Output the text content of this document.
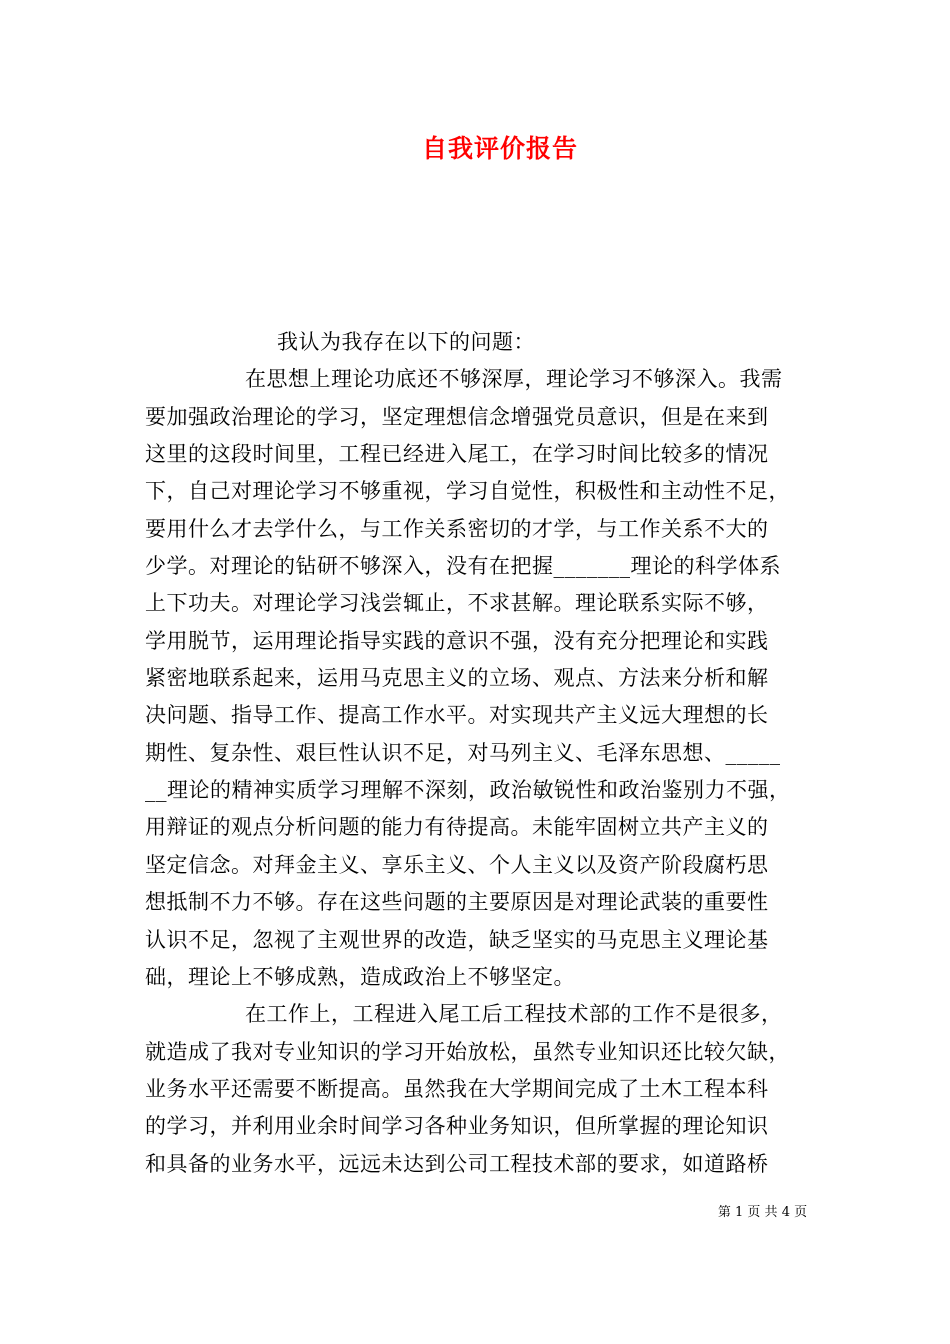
自我评价报告
我认为我存在以下的问题：
在思想上理论功底还不够深厚，理论学习不够深入。我需
要加强政治理论的学习，坚定理想信念增强党员意识，但是在来到
这里的这段时间里，工程已经进入尾工，在学习时间比较多的情况
下，自己对理论学习不够重视，学习自觉性，积极性和主动性不足，
要用什么才去学什么，与工作关系密切的才学，与工作关系不大的
少学。对理论的钻研不够深入，没有在把握_______理论的科学体系
上下功夫。对理论学习浅尝辄止，不求甚解。理论联系实际不够，
学用脱节，运用理论指导实践的意识不强，没有充分把理论和实践
紧密地联系起来，运用马克思主义的立场、观点、方法来分析和解
决问题、指导工作、提高工作水平。对实现共产主义远大理想的长
期性、复杂性、艰巨性认识不足，对马列主义、毛泽东思想、_____
__理论的精神实质学习理解不深刻，政治敏锐性和政治鉴别力不强，
用辩证的观点分析问题的能力有待提高。未能牢固树立共产主义的
坚定信念。对拜金主义、享乐主义、个人主义以及资产阶段腐朽思
想抵制不力不够。存在这些问题的主要原因是对理论武装的重要性
认识不足，忽视了主观世界的改造，缺乏坚实的马克思主义理论基
础，理论上不够成熟，造成政治上不够坚定。
在工作上，工程进入尾工后工程技术部的工作不是很多，
就造成了我对专业知识的学习开始放松，虽然专业知识还比较欠缺，
业务水平还需要不断提高。虽然我在大学期间完成了土木工程本科
的学习，并利用业余时间学习各种业务知识，但所掌握的理论知识
和具备的业务水平，远远未达到公司工程技术部的要求，如道路桥
第 1 页 共 4 页
